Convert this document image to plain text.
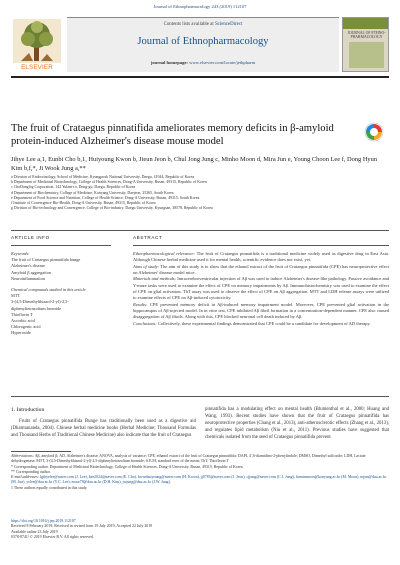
Journal of Ethnopharmacology 243 (2019) 112107
ELSEVIER
Contents lists available at ScienceDirect
Journal of Ethnopharmacology
journal homepage: www.elsevier.com/locate/jethpharm
JOURNAL OF ETHNO-PHARMACOLOGY
The fruit of Crataegus pinnatifida ameliorates memory deficits in β-amyloid protein-induced Alzheimer's disease mouse model
Jihye Lee a,1, Eunbi Cho b,1, Huiyoung Kwon b, Jieun Jeon b, Chul Jong Jung c, Minho Moon d, Mira Jun e, Young Choon Lee f, Dong Hyun Kim b,f,*, Ji Wook Jung a,**
a Division of Endocrinology, School of Medicine, Kyungpook National University, Daegu, 41944, Republic of Korea
b Department of Medicinal Biotechnology, College of Health Sciences, Dong-A University, Busan, 49315, Republic of Korea
c ChoDanglog Corporation, 142 Yulam-ro, Dong-gu, Daegu, Republic of Korea
d Department of Biochemistry, College of Medicine, Konyang University, Daejeon, 35365, South Korea
e Department of Food Science and Nutrition, College of Health Science, Dong-A University, Busan, 49315, South Korea
f Institute of Convergence Bio-Health, Dong-A University, Busan, 49315, Republic of Korea
g Division of Bio-technology and Convergence, College of Bio-industry, Daegu University, Kyungsan, 38578, Republic of Korea
ARTICLE INFO	ABSTRACT
Keywords:
The fruit of Crataegus pinnatifida bunge
Alzheimer's disease
Amyloid β aggregation
Neuroinflammation
Chemical compounds studied in this article
MTT
3-(4,5-Dimethylthiazol-2-yl)-2,5-
diphenyltetrazolium bromide
Thioflavin T
Ascorbic acid
Chlorogenic acid
Hyperoside
Ethnopharmacological relevance: The fruit of Crataegus pinnatifida is a traditional medicine widely used as digestive drug in East Asia. Although Chinese herbal medicine used it for mental health, scientific evidence does not exist, yet.
Aims of study: The aim of this study is to show that the ethanol extract of the fruit of Crataegus pinnatifida (CPE) has neuroprotective effect on Alzheimer' disease model mice.
Materials and methods: Intracerebroventricular injection of Aβ was used to induce Alzheimer's disease-like pathology. Passive avoidance and Y-maze tasks were used to examine the effect of CPE on memory impairments by Aβ. Immunohistochemistry was used to examine the effect of CPE on glial activation. ThT assay was used to observe the effect of CPE on Aβ aggregation. MTT and LDH release assays were utilized to examine effects of CPE on Aβ-induced cytotoxicity.
Results: CPE prevented memory deficit in Aβ-induced memory impairment model. Moreover, CPE prevented glial activation in the hippocampus of Aβ-injected model. In in vitro test, CPE inhibited Aβ fibril formation in a concentration-dependent manner. CPE also caused disaggregation of Aβ fibrils. Along with this, CPE blocked neuronal cell death induced by Aβ.
Conclusions: Collectively, these experimental findings demonstrated that CPE could be a candidate for development of AD therapy.
1. Introduction
Fruits of Crataegus pinnatifida Bunge has traditionally been used as a digestive aid (Dharmananda, 2004). Chinese herbal medicine books (Herbal Medicine; Thousand Formulas and Thousand Herbs of Traditional Chinese Medicine) also indicate that the fruit of Crataegus
pinnatifida has a modulating effect on mental health (Blumenthal et al., 2000; Huang and Wang, 1993). Recent studies have shown that the fruit of Crataegus pinnatifida has neuroprotective properties (Chang et al., 2013), anti-atherosclerotic effects (Zhang et al., 2013), and regulates lipid metabolism (Niu et al., 2011). Previous studies have suggested that chemicals isolated from the seed of Crataegus pinnatifida prevent
Abbreviations: Aβ, amyloid β; AD, Alzheimer's disease; ANOVA, analysis of variance; CPE, ethanol extract of the fruit of Crataegus pinnatifida; DAPI, 4′,6-diamidino-2-phenylindole; DMSO, Dimethyl sulfoxide; LDH, Lactate dehydrogenase; MTT, 3-(4,5-Dimethylthiazol-2-yl)-2,5-diphenyltetrazolium bromide; S.E.M, standard error of the mean; ThT, Thioflavin T
* Corresponding author. Department of Medicinal Biotechnology, College of Health Sciences, Dong-A University, Busan, 49315, Republic of Korea.
** Corresponding author.
E-mail addresses: lgihyelee@naver.com (J. Lee), bee2024@naver.com (E. Cho), kwonhuiyoung@naver.com (H. Kwon), jj0785@naver.com (J. Jeon), cjjung@naver.com (C.J. Jung), hominmoon@konyang.ac.kr (M. Moon), mjun@dau.ac.kr (M. Jun), yclee@dau.ac.kr (Y.C. Lee), mose79@dau.ac.kr (D.H. Kim), jwjung@dau.ac.kr (J.W. Jung).
1 These authors equally contributed in this study.
https://doi.org/10.1016/j.jep.2019.112107
Received 8 February 2019; Received in revised form 19 July 2019; Accepted 22 July 2019
Available online 23 July 2019
0378-8741/ © 2019 Elsevier B.V. All rights reserved.
